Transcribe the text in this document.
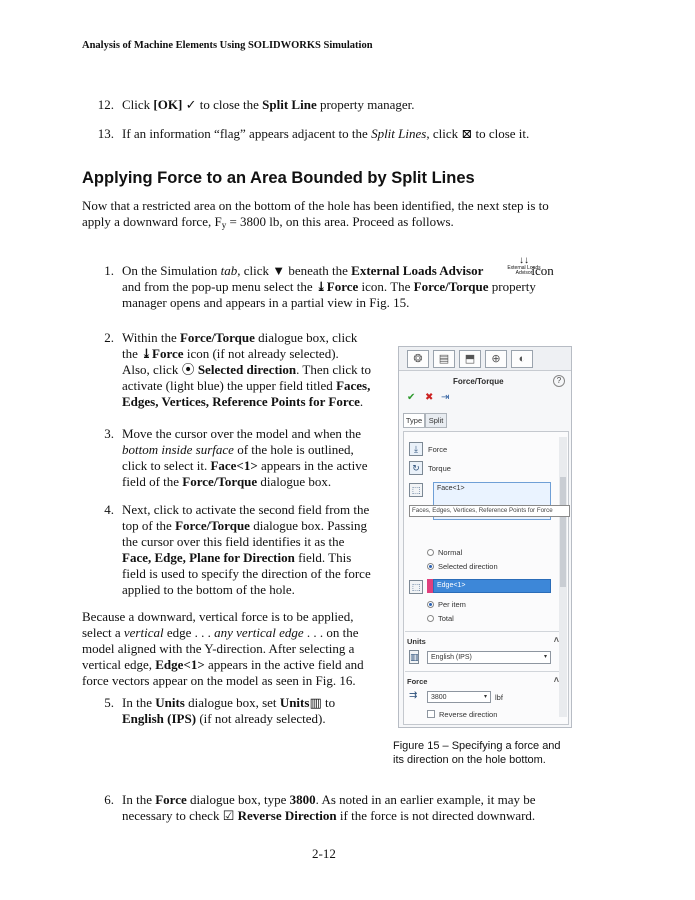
Analysis of Machine Elements Using SOLIDWORKS Simulation
12. Click [OK] ✓ to close the Split Line property manager.
13. If an information “flag” appears adjacent to the Split Lines, click ⊠ to close it.
Applying Force to an Area Bounded by Split Lines
Now that a restricted area on the bottom of the hole has been identified, the next step is to
apply a downward force, $F_y = 3800$ lb, on this area. Proceed as follows.
↓↓
External Loads
Advisor
1. On the Simulation tab, click ▼ beneath the External Loads Advisor	icon
and from the pop-up menu select the ⤓Force icon. The Force/Torque property
manager opens and appears in a partial view in Fig. 15.
2. Within the Force/Torque dialogue box, click
the ⤓Force icon (if not already selected).
Also, click ⦿ Selected direction. Then click to
activate (light blue) the upper field titled Faces,
Edges, Vertices, Reference Points for Force.
3. Move the cursor over the model and when the
bottom inside surface of the hole is outlined,
click to select it. Face<1> appears in the active
field of the Force/Torque dialogue box.
4. Next, click to activate the second field from the
top of the Force/Torque dialogue box. Passing
the cursor over this field identifies it as the
Face, Edge, Plane for Direction field. This
field is used to specify the direction of the force
applied to the bottom of the hole.
Because a downward, vertical force is to be applied,
select a vertical edge . . . any vertical edge . . . on the
model aligned with the Y-direction. After selecting a
vertical edge, Edge<1> appears in the active field and
force vectors appear on the model as seen in Fig. 16.
5. In the Units dialogue box, set Units▥ to
English (IPS) (if not already selected).
❂	▤	⬒	⊕	◐
Force/Torque	?
✔ ✖ ⇥
Type Split
⤓	Force
↻	Torque
⬚	Face<1>
Faces, Edges, Vertices, Reference Points for Force
Normal
Selected direction
⬚	Edge<1>
Per item
Total
Units	˄
▥	English (IPS)	▾
Force	˄
⇉	3800	▾ lbf
Reverse direction
Figure 15 – Specifying a force and
its direction on the hole bottom.
6. In the Force dialogue box, type 3800. As noted in an earlier example, it may be
necessary to check ☑ Reverse Direction if the force is not directed downward.
2-12
